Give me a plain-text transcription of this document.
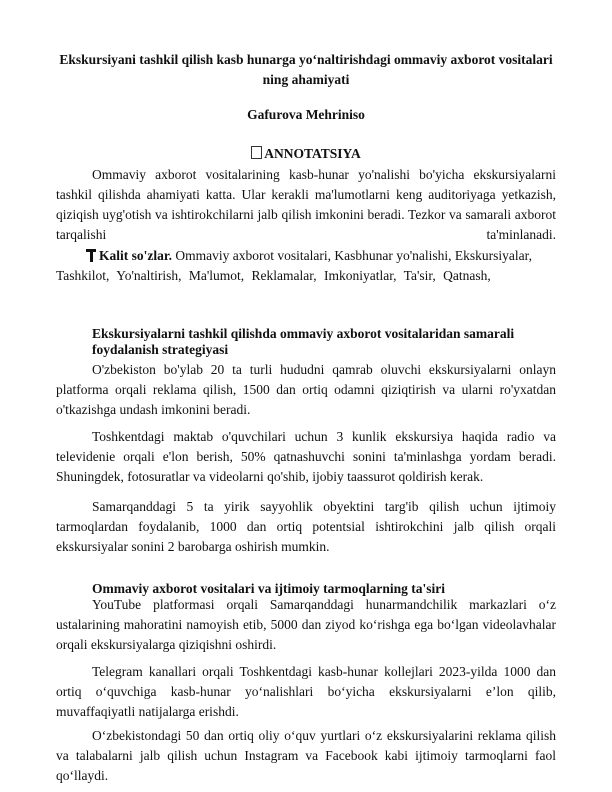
Ekskursiyani tashkil qilish kasb hunarga yo‘naltirishdagi ommaviy axborot vositalari ning ahamiyati
Gafurova Mehriniso
ANNOTATSIYA
Ommaviy axborot vositalarining kasb-hunar yo'nalishi bo'yicha ekskursiyalarni tashkil qilishda ahamiyati katta. Ular kerakli ma'lumotlarni keng auditoriyaga yetkazish, qiziqish uyg'otish va ishtirokchilarni jalb qilish imkonini beradi. Tezkor va samarali axborot tarqalishi ta'minlanadi.
Kalit so'zlar. Ommaviy axborot vositalari, Kasbhunar yo'nalishi, Ekskursiyalar,
Tashkilot, Yo'naltirish, Ma'lumot, Reklamalar, Imkoniyatlar, Ta'sir, Qatnash,
Ekskursiyalarni tashkil qilishda ommaviy axborot vositalaridan samarali foydalanish strategiyasi
O'zbekiston bo'ylab 20 ta turli hududni qamrab oluvchi ekskursiyalarni onlayn platforma orqali reklama qilish, 1500 dan ortiq odamni qiziqtirish va ularni ro'yxatdan o'tkazishga undash imkonini beradi.
Toshkentdagi maktab o'quvchilari uchun 3 kunlik ekskursiya haqida radio va televidenie orqali e'lon berish, 50% qatnashuvchi sonini ta'minlashga yordam beradi. Shuningdek, fotosuratlar va videolarni qo'shib, ijobiy taassurot qoldirish kerak.
Samarqanddagi 5 ta yirik sayyohlik obyektini targ'ib qilish uchun ijtimoiy tarmoqlardan foydalanib, 1000 dan ortiq potentsial ishtirokchini jalb qilish orqali ekskursiyalar sonini 2 barobarga oshirish mumkin.
Ommaviy axborot vositalari va ijtimoiy tarmoqlarning ta'siri
YouTube platformasi orqali Samarqanddagi hunarmandchilik markazlari o‘z ustalarining mahoratini namoyish etib, 5000 dan ziyod ko‘rishga ega bo‘lgan videolavhalar orqali ekskursiyalarga qiziqishni oshirdi.
Telegram kanallari orqali Toshkentdagi kasb-hunar kollejlari 2023-yilda 1000 dan ortiq o‘quvchiga kasb-hunar yo‘nalishlari bo‘yicha ekskursiyalarni e’lon qilib, muvaffaqiyatli natijalarga erishdi.
O‘zbekistondagi 50 dan ortiq oliy o‘quv yurtlari o‘z ekskursiyalarini reklama qilish va talabalarni jalb qilish uchun Instagram va Facebook kabi ijtimoiy tarmoqlarni faol qo‘llaydi.
